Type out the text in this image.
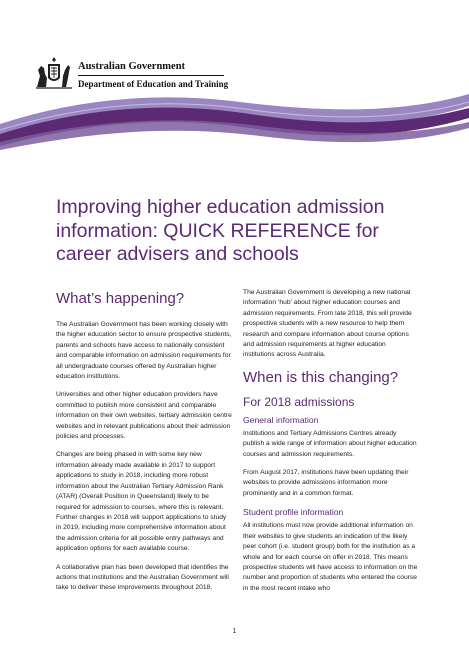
Australian Government
Department of Education and Training
Improving higher education admission information: QUICK REFERENCE for career advisers and schools
What’s happening?

The Australian Government has been working closely with the higher education sector to ensure prospective students, parents and schools have access to nationally consistent and comparable information on admission requirements for all undergraduate courses offered by Australian higher education institutions.

Universities and other higher education providers have committed to publish more consistent and comparable information on their own websites, tertiary admission centre websites and in relevant publications about their admission policies and processes.

Changes are being phased in with some key new information already made available in 2017 to support applications to study in 2018, including more robust information about the Australian Tertiary Admission Rank (ATAR) (Overall Position in Queensland) likely to be required for admission to courses, where this is relevant. Further changes in 2018 will support applications to study in 2019, including more comprehensive information about the admission criteria for all possible entry pathways and application options for each available course.

A collaborative plan has been developed that identifies the actions that institutions and the Australian Government will take to deliver these improvements throughout 2018.

The Australian Government is developing a new national information ‘hub’ about higher education courses and admission requirements. From late 2018, this will provide prospective students with a new resource to help them research and compare information about course options and admission requirements at higher education institutions across Australia.

When is this changing?
For 2018 admissions
General information

Institutions and Tertiary Admissions Centres already publish a wide range of information about higher education courses and admission requirements.

From August 2017, institutions have been updating their websites to provide admissions information more prominently and in a common format.

Student profile information

All institutions must now provide additional information on their websites to give students an indication of the likely peer cohort (i.e. student group) both for the institution as a whole and for each course on offer in 2018. This means prospective students will have access to information on the number and proportion of students who entered the course in the most recent intake who

1
